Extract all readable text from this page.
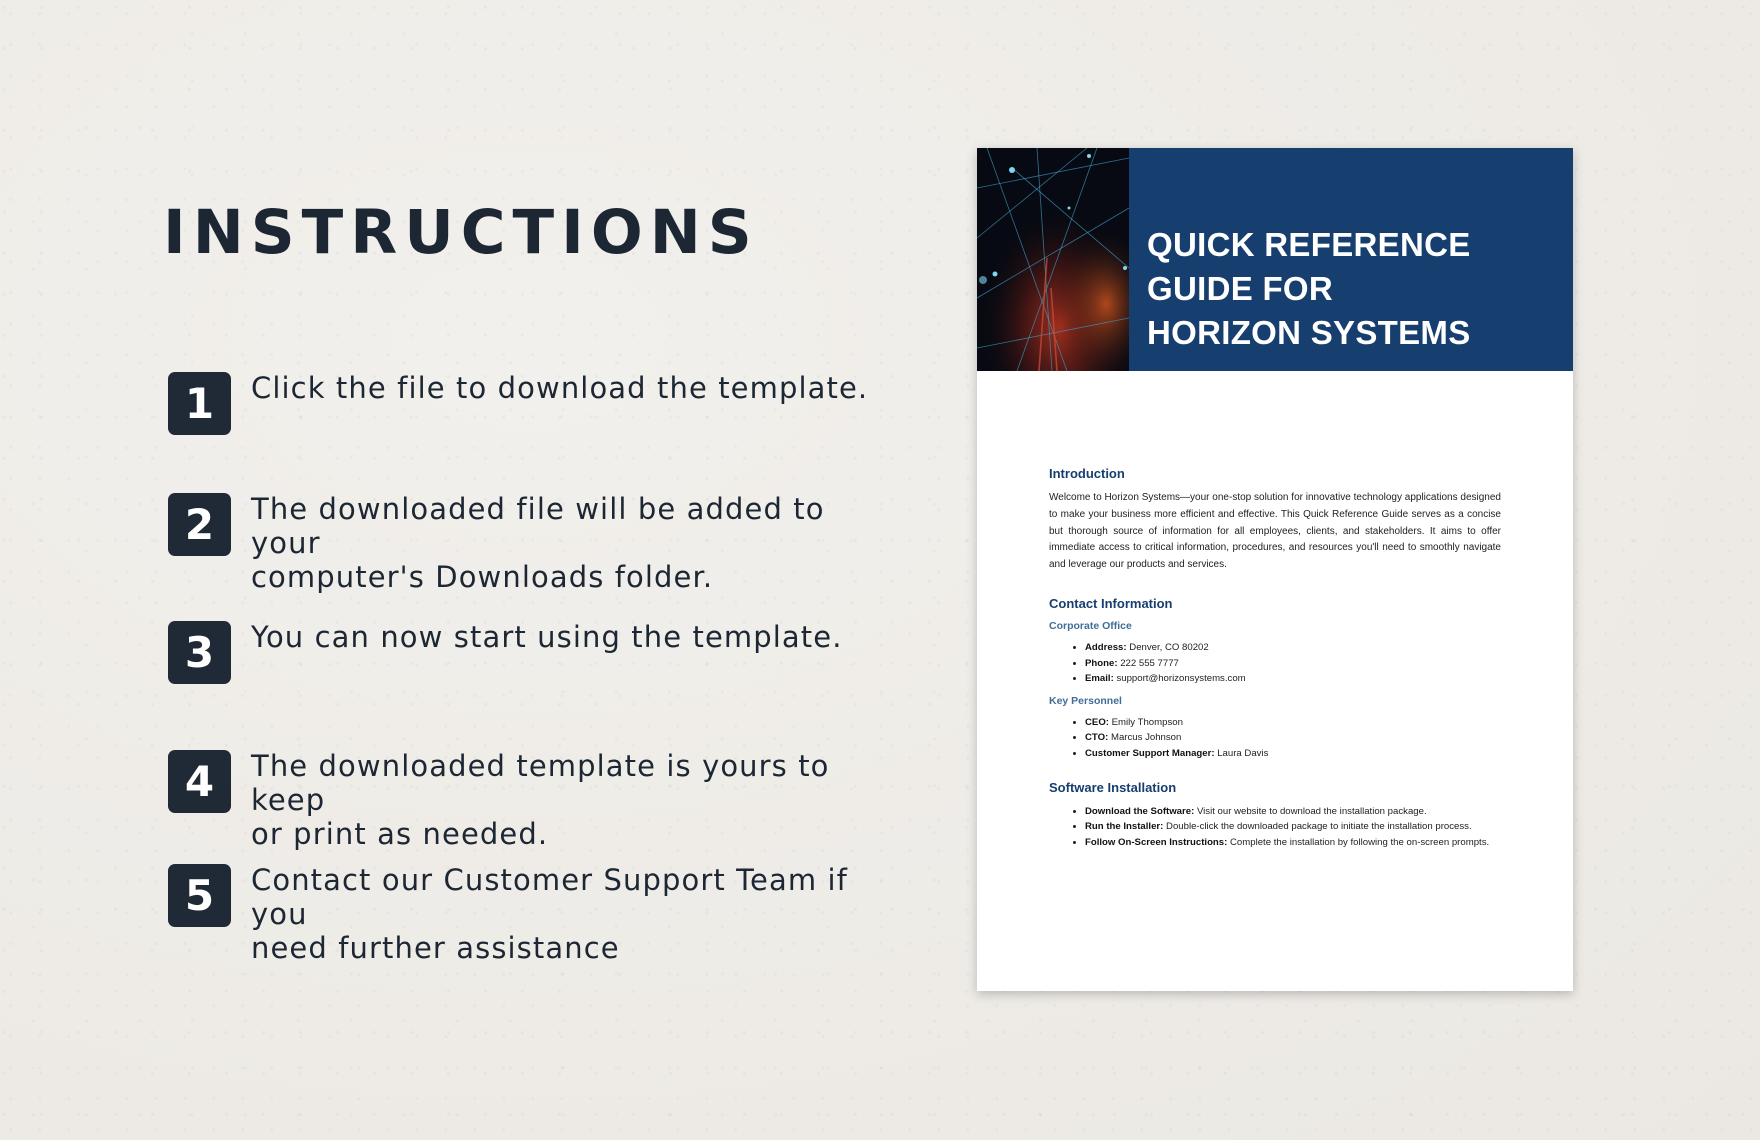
INSTRUCTIONS
1	Click the file to download the template.
2	The downloaded file will be added to your
computer's Downloads folder.
3	You can now start using the template.
4	The downloaded template is yours to keep
or print as needed.
5	Contact our Customer Support Team if you
need further assistance
QUICK REFERENCE
GUIDE FOR
HORIZON SYSTEMS
Introduction

Welcome to Horizon Systems—your one-stop solution for innovative technology applications designed to make your business more efficient and effective. This Quick Reference Guide serves as a concise but thorough source of information for all employees, clients, and stakeholders. It aims to offer immediate access to critical information, procedures, and resources you'll need to smoothly navigate and leverage our products and services.

Contact Information
Corporate Office
• Address: Denver, CO 80202
• Phone: 222 555 7777
• Email: support@horizonsystems.com
Key Personnel
• CEO: Emily Thompson
• CTO: Marcus Johnson
• Customer Support Manager: Laura Davis
Software Installation
• Download the Software: Visit our website to download the installation package.
• Run the Installer: Double-click the downloaded package to initiate the installation process.
• Follow On-Screen Instructions: Complete the installation by following the on-screen prompts.
